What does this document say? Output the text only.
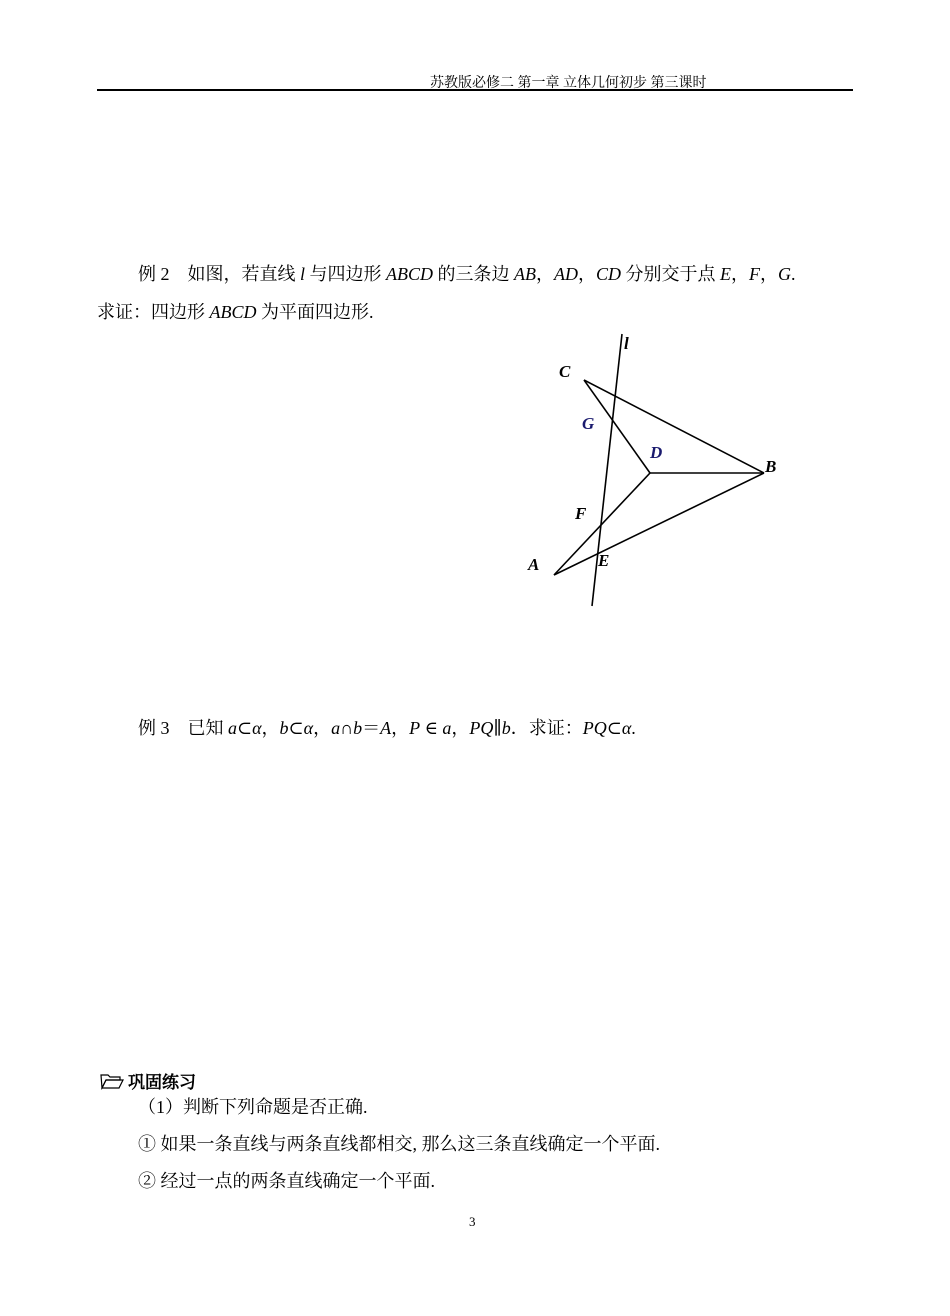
苏教版必修二 第一章 立体几何初步 第三课时
例 2　如图，若直线 l 与四边形 ABCD 的三条边 AB，AD，CD 分别交于点 E，F，G.
求证：四边形 ABCD 为平面四边形.
l
C
G
D
B
F
A	E
例 3　已知 a⊂α，b⊂α，a∩b＝A，P ∈ a，PQ∥b．求证：PQ⊂α.
巩固练习
（1）判断下列命题是否正确.
① 如果一条直线与两条直线都相交, 那么这三条直线确定一个平面.
② 经过一点的两条直线确定一个平面.
3
